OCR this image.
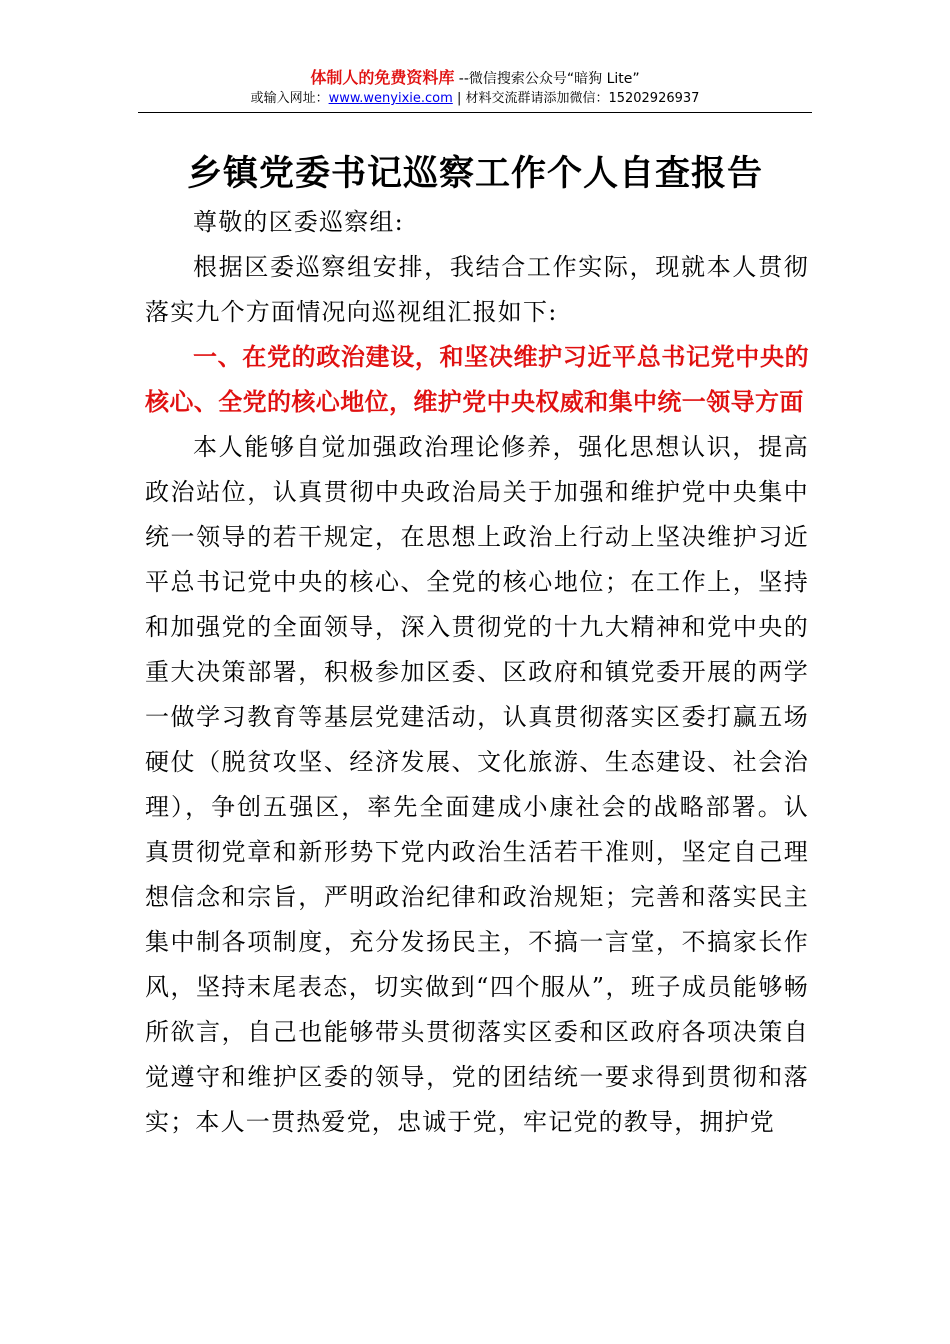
体制人的免费资料库 --微信搜索公众号“暗狗 Lite”
或输入网址：www.wenyixie.com | 材料交流群请添加微信：15202926937
乡镇党委书记巡察工作个人自查报告

尊敬的区委巡察组:

根据区委巡察组安排，我结合工作实际，现就本人贯彻落实九个方面情况向巡视组汇报如下:

一、在党的政治建设，和坚决维护习近平总书记党中央的核心、全党的核心地位，维护党中央权威和集中统一领导方面

本人能够自觉加强政治理论修养，强化思想认识，提高政治站位，认真贯彻中央政治局关于加强和维护党中央集中统一领导的若干规定，在思想上政治上行动上坚决维护习近平总书记党中央的核心、全党的核心地位；在工作上，坚持和加强党的全面领导，深入贯彻党的十九大精神和党中央的重大决策部署，积极参加区委、区政府和镇党委开展的两学一做学习教育等基层党建活动，认真贯彻落实区委打赢五场硬仗（脱贫攻坚、经济发展、文化旅游、生态建设、社会治理），争创五强区，率先全面建成小康社会的战略部署。认真贯彻党章和新形势下党内政治生活若干准则，坚定自己理想信念和宗旨，严明政治纪律和政治规矩；完善和落实民主集中制各项制度，充分发扬民主，不搞一言堂，不搞家长作风，坚持末尾表态，切实做到“四个服从”，班子成员能够畅所欲言，自己也能够带头贯彻落实区委和区政府各项决策自觉遵守和维护区委的领导，党的团结统一要求得到贯彻和落实；本人一贯热爱党，忠诚于党，牢记党的教导，拥护党
